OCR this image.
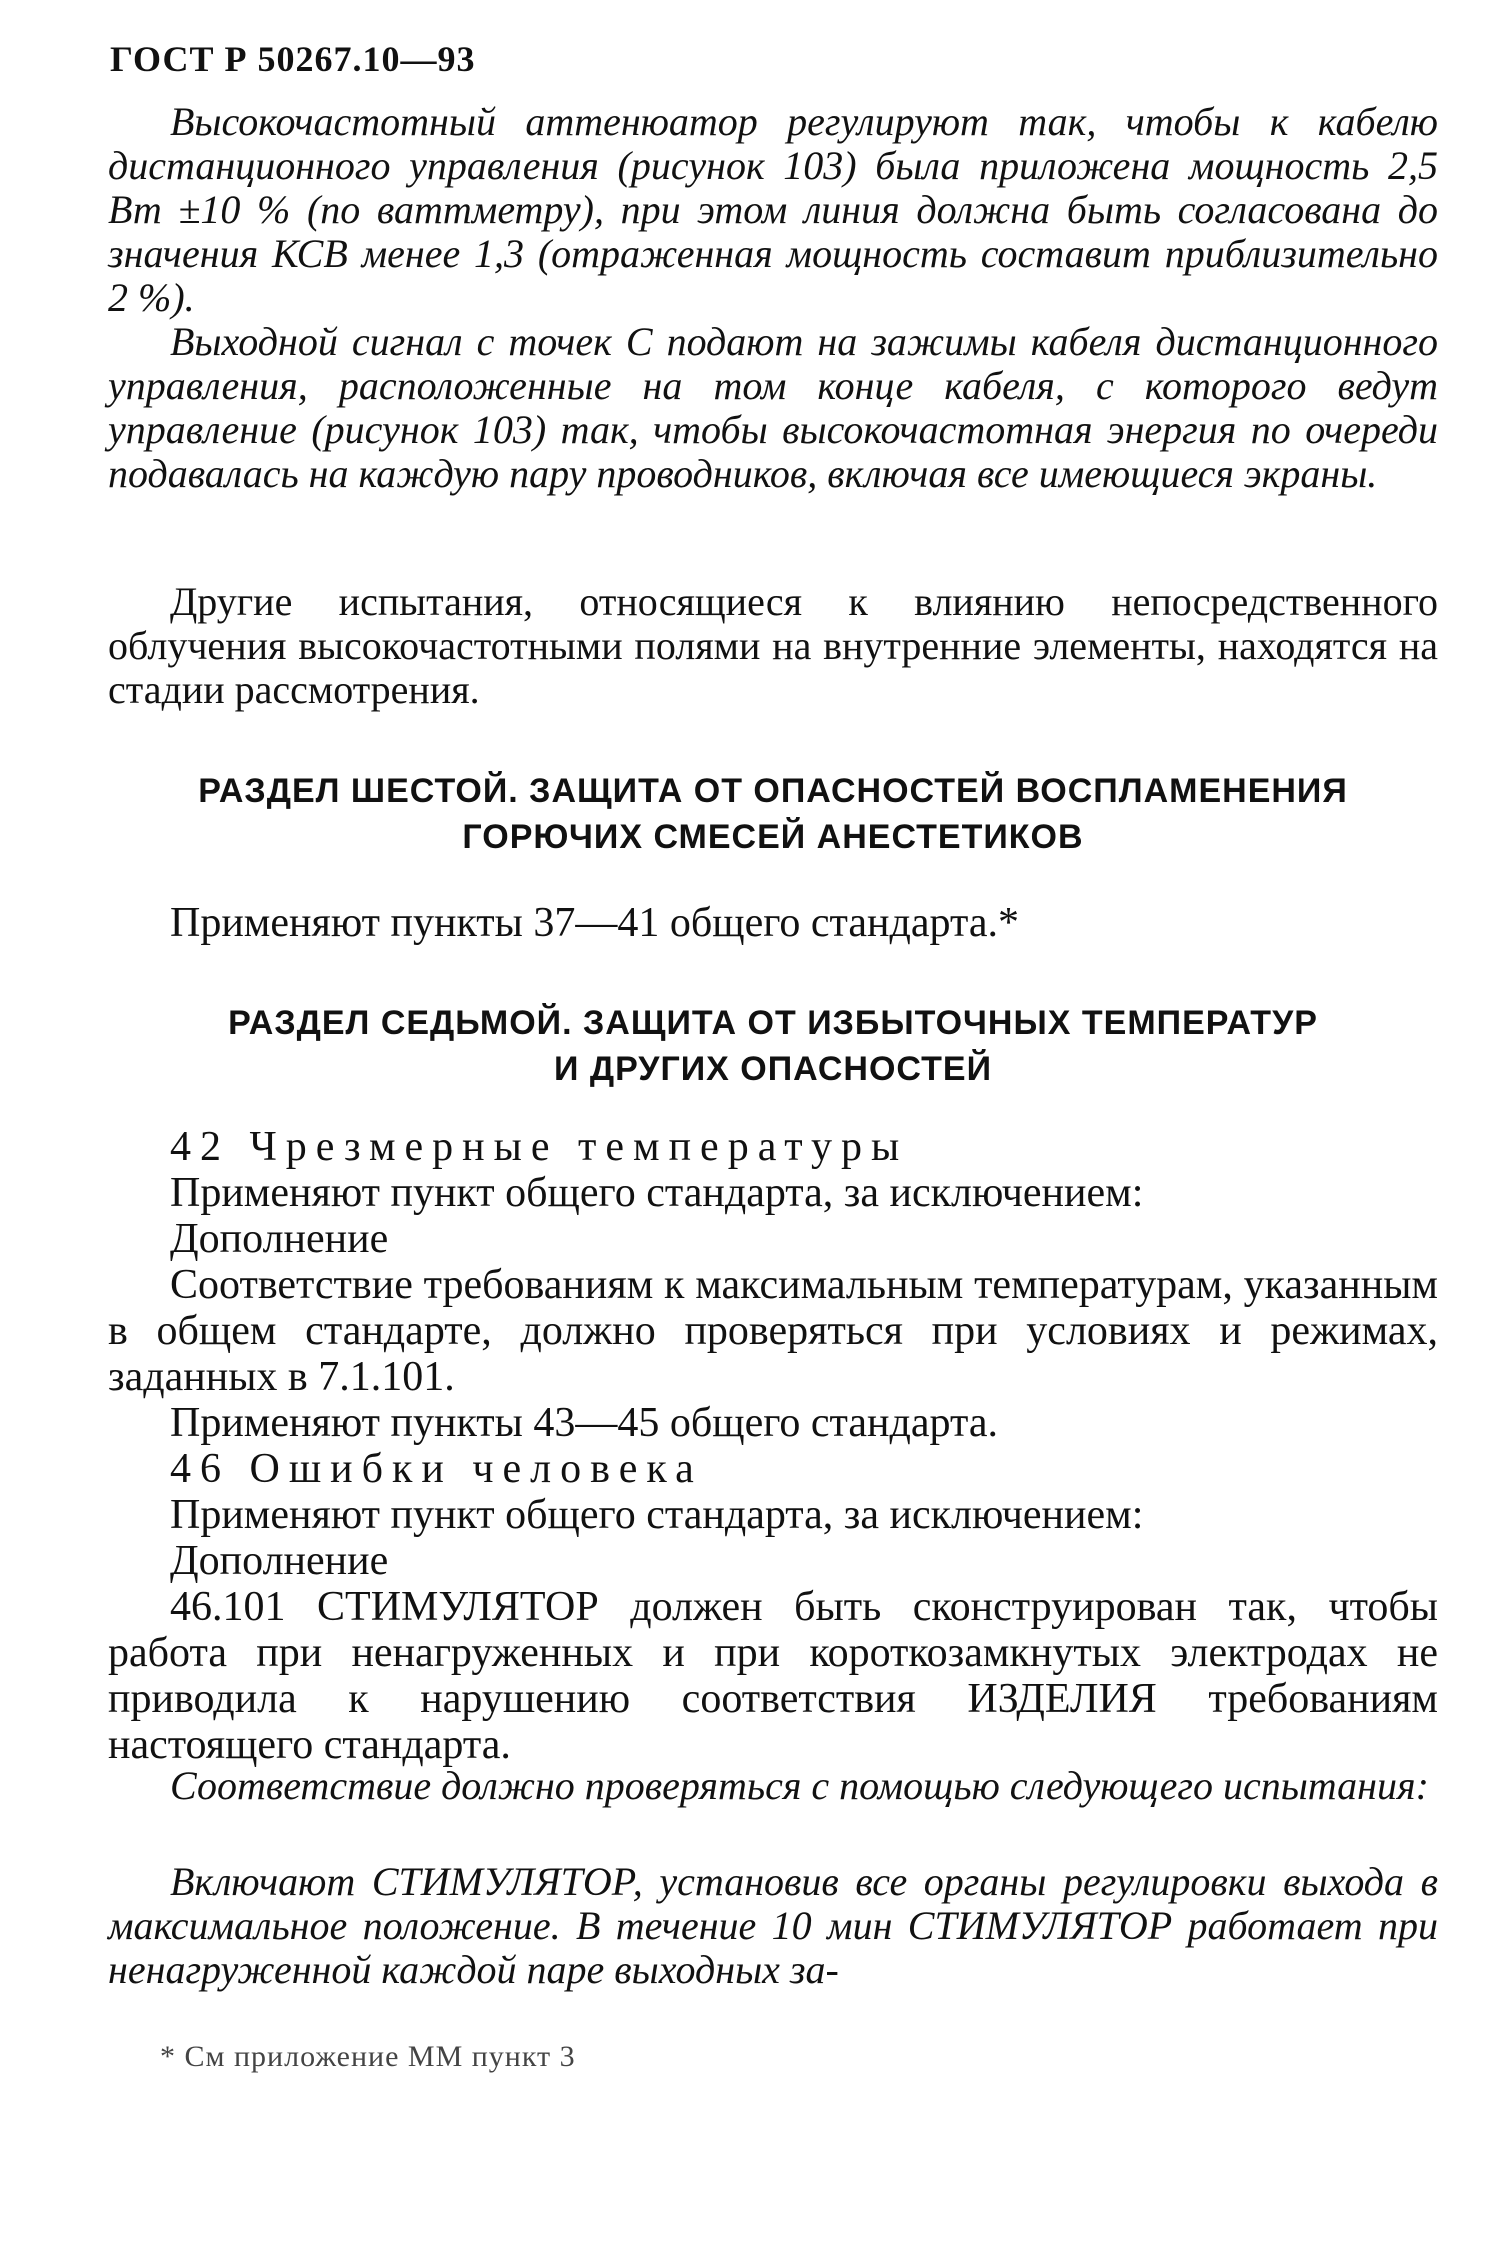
ГОСТ Р 50267.10—93

Высокочастотный аттенюатор регулируют так, чтобы к кабелю дистанционного управления (рисунок 103) была приложена мощность 2,5 Вт ±10 % (по ваттметру), при этом линия должна быть согласована до значения КСВ менее 1,3 (отраженная мощность составит приблизительно 2 %).

Выходной сигнал с точек С подают на зажимы кабеля дистанционного управления, расположенные на том конце кабеля, с которого ведут управление (рисунок 103) так, чтобы высокочастотная энергия по очереди подавалась на каждую пару проводников, включая все имеющиеся экраны.

Другие испытания, относящиеся к влиянию непосредственного облучения высокочастотными полями на внутренние элементы, находятся на стадии рассмотрения.

РАЗДЕЛ ШЕСТОЙ. ЗАЩИТА ОТ ОПАСНОСТЕЙ ВОСПЛАМЕНЕНИЯ
ГОРЮЧИХ СМЕСЕЙ АНЕСТЕТИКОВ

Применяют пункты 37—41 общего стандарта.*

РАЗДЕЛ СЕДЬМОЙ. ЗАЩИТА ОТ ИЗБЫТОЧНЫХ ТЕМПЕРАТУР
И ДРУГИХ ОПАСНОСТЕЙ
42 Чрезмерные температуры
Применяют пункт общего стандарта, за исключением:
Дополнение
Соответствие требованиям к максимальным температурам, указанным в общем стандарте, должно проверяться при условиях и режимах, заданных в 7.1.101.
Применяют пункты 43—45 общего стандарта.
46 Ошибки человека
Применяют пункт общего стандарта, за исключением:
Дополнение
46.101 СТИМУЛЯТОР должен быть сконструирован так, чтобы работа при ненагруженных и при короткозамкнутых электродах не приводила к нарушению соответствия ИЗДЕЛИЯ требованиям настоящего стандарта.

Соответствие должно проверяться с помощью следующего испытания:

Включают СТИМУЛЯТОР, установив все органы регулировки выхода в максимальное положение. В течение 10 мин СТИМУЛЯТОР работает при ненагруженной каждой паре выходных за-

* См приложение ММ пункт 3
